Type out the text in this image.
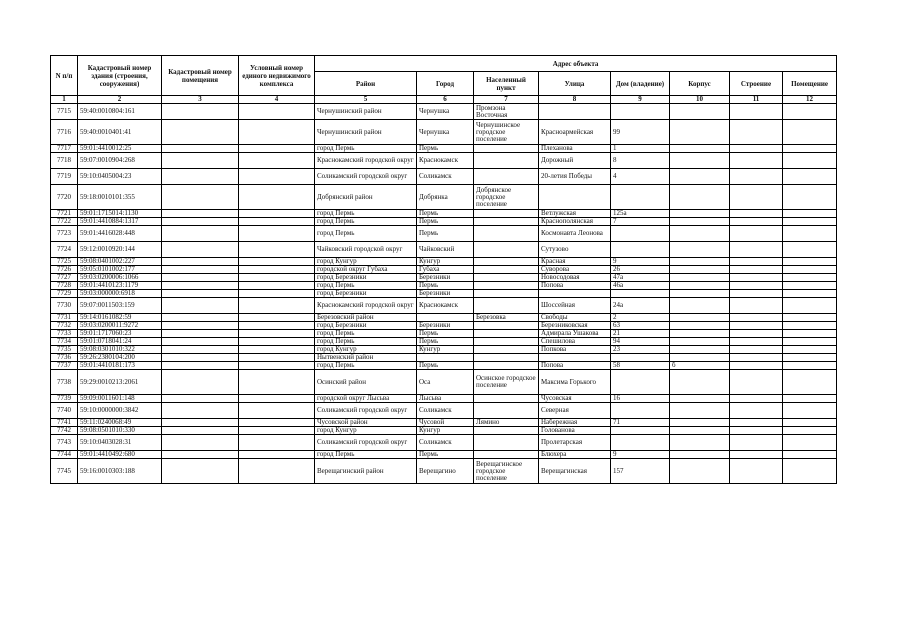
N п/п	Кадастровый номер здания (строения, сооружения)	Кадастровый номер помещения	Условный номер единого недвижимого комплекса	Адрес объекта							
				Район	Город	Населенный пункт	Улица	Дом (владение)	Корпус	Строение	Помещение
1	2	3	4	5	6	7	8	9	10	11	12
7715	59:40:0010804:161			Чернушинский район	Чернушка	Промзона Восточная					
7716	59:40:0010401:41			Чернушинский район	Чернушка	Чернушинское городское поселение	Красноармейская	99			
7717	59:01:4410012:25			город Пермь	Пермь		Плеханова	1			
7718	59:07:0010904:268			Краснокамский городской округ	Краснокамск		Дорожный	8			
7719	59:10:0405004:23			Соликамский городской округ	Соликамск		20-летия Победы	4			
7720	59:18:0010101:355			Добрянский район	Добрянка	Добрянское городское поселение					
7721	59:01:1715014:1130			город Пермь	Пермь		Ветлужская	125а			
7722	59:01:4410884:1317			город Пермь	Пермь		Краснополянская	7			
7723	59:01:4416028:448			город Пермь	Пермь		Космонавта Леонова				
7724	59:12:0010920:144			Чайковский городской округ	Чайковский		Сутузово				
7725	59:08:0401002:227			город Кунгур	Кунгур		Красная	9			
7726	59:05:0101002:177			городской округ Губаха	Губаха		Суворова	26			
7727	59:03:0200006:1066			город Березники	Березники		Новосодовая	47а			
7728	59:01:4410123:1179			город Пермь	Пермь		Попова	46а			
7729	59:03:000000:6918			город Березники	Березники						
7730	59:07:0011503:159			Краснокамский городской округ	Краснокамск		Шоссейная	24а			
7731	59:14:0161082:59			Березовский район		Березовка	Свободы	2			
7732	59:03:0200011:9272			город Березники	Березники		Березниковская	63			
7733	59:01:1717060:23			город Пермь	Пермь		Адмирала Ушакова	21			
7734	59:01:0718041:24			город Пермь	Пермь		Спешилова	94			
7735	59:08:0301010:322			город Кунгур	Кунгур		Попкова	23			
7736	59:26:2380104:200			Нытвенский район							
7737	59:01:4410181:173			город Пермь	Пермь		Попова	58	б		
7738	59:29:0010213:2061			Осинский район	Оса	Осинское городское поселение	Максима Горького				
7739	59:09:0011601:148			городской округ Лысьва	Лысьва		Чусовская	16			
7740	59:10:0000000:3842			Соликамский городской округ	Соликамск		Северная				
7741	59:11:0240068:49			Чусовской район	Чусовой	Лямино	Набережная	71			
7742	59:08:0501010:330			город Кунгур	Кунгур		Голованова				
7743	59:10:0403028:31			Соликамский городской округ	Соликамск		Пролетарская				
7744	59:01:4410492:680			город Пермь	Пермь		Блюхера	9			
7745	59:16:0010303:188			Верещагинский район	Верещагино	Верещагинское городское поселение	Верещагинская	157			
